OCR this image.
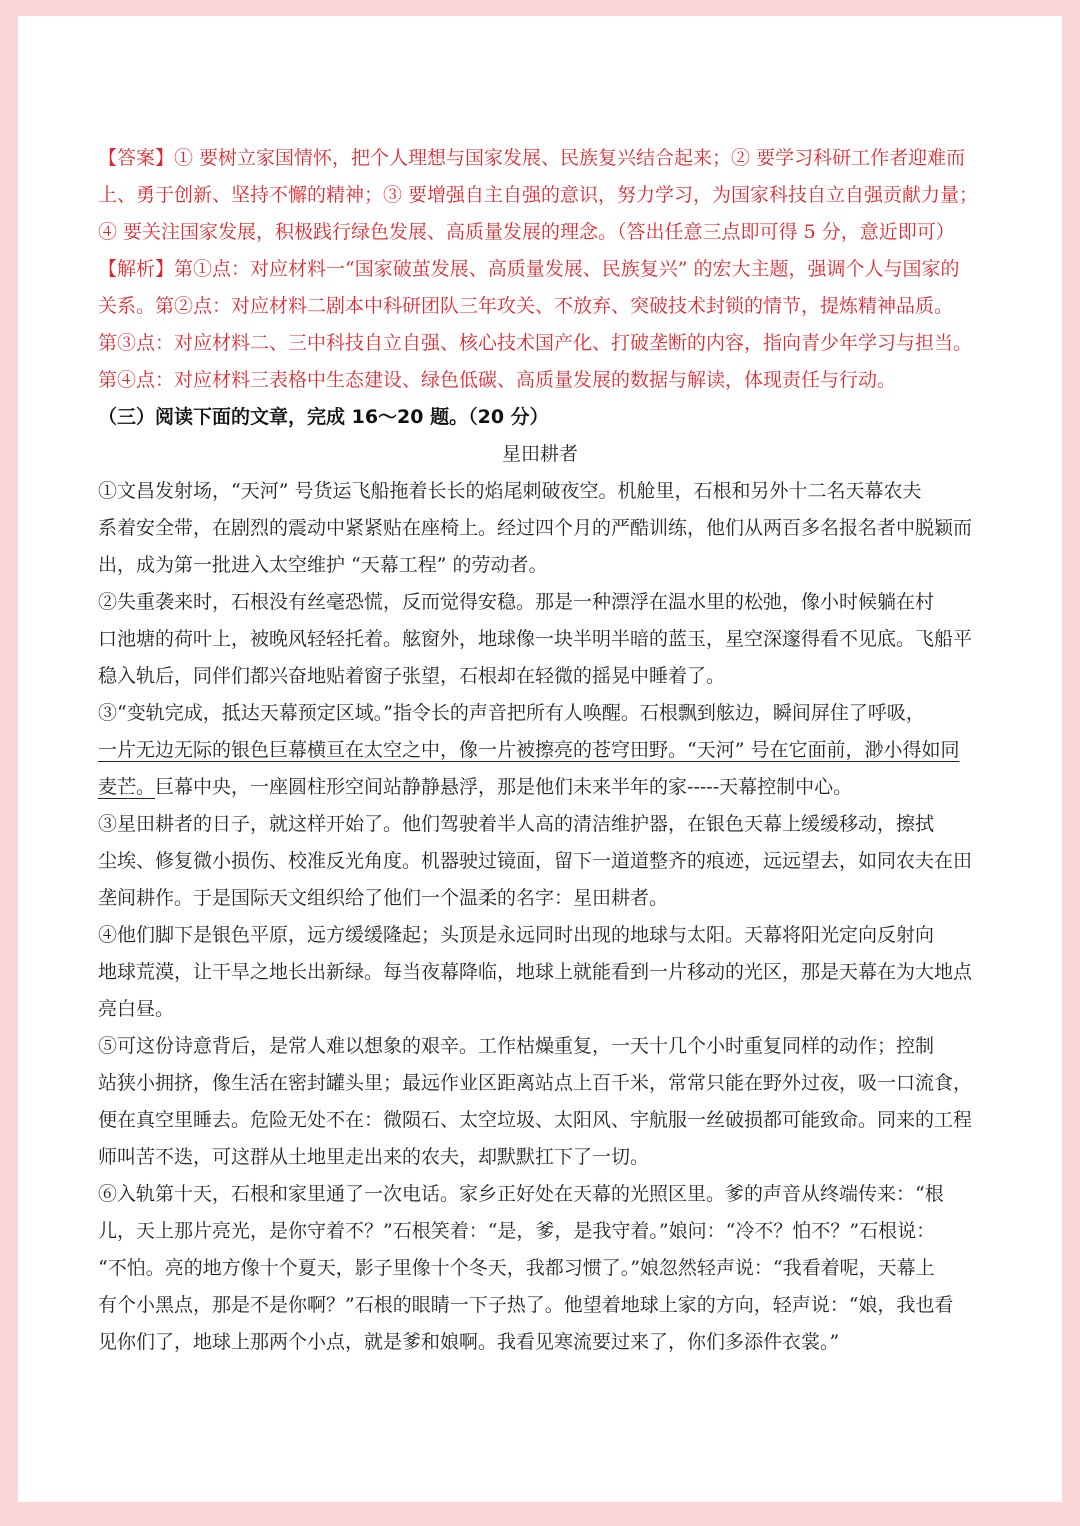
【答案】① 要树立家国情怀，把个人理想与国家发展、民族复兴结合起来；② 要学习科研工作者迎难而
上、勇于创新、坚持不懈的精神；③ 要增强自主自强的意识，努力学习，为国家科技自立自强贡献力量；
④ 要关注国家发展，积极践行绿色发展、高质量发展的理念。（答出任意三点即可得 5 分，意近即可）
【解析】第①点：对应材料一“国家破茧发展、高质量发展、民族复兴” 的宏大主题，强调个人与国家的
关系。第②点：对应材料二剧本中科研团队三年攻关、不放弃、突破技术封锁的情节，提炼精神品质。
第③点：对应材料二、三中科技自立自强、核心技术国产化、打破垄断的内容，指向青少年学习与担当。
第④点：对应材料三表格中生态建设、绿色低碳、高质量发展的数据与解读，体现责任与行动。
（三）阅读下面的文章，完成 16～20 题。（20 分）
星田耕者
①文昌发射场，“天河” 号货运飞船拖着长长的焰尾刺破夜空。机舱里，石根和另外十二名天幕农夫
系着安全带，在剧烈的震动中紧紧贴在座椅上。经过四个月的严酷训练，他们从两百多名报名者中脱颖而
出，成为第一批进入太空维护 “天幕工程” 的劳动者。
②失重袭来时，石根没有丝毫恐慌，反而觉得安稳。那是一种漂浮在温水里的松弛，像小时候躺在村
口池塘的荷叶上，被晚风轻轻托着。舷窗外，地球像一块半明半暗的蓝玉，星空深邃得看不见底。飞船平
稳入轨后，同伴们都兴奋地贴着窗子张望，石根却在轻微的摇晃中睡着了。
③“变轨完成，抵达天幕预定区域。”指令长的声音把所有人唤醒。石根飘到舷边，瞬间屏住了呼吸，
一片无边无际的银色巨幕横亘在太空之中，像一片被擦亮的苍穹田野。“天河” 号在它面前，渺小得如同
麦芒。 巨幕中央，一座圆柱形空间站静静悬浮，那是他们未来半年的家-----天幕控制中心。
③星田耕者的日子，就这样开始了。他们驾驶着半人高的清洁维护器，在银色天幕上缓缓移动，擦拭
尘埃、修复微小损伤、校准反光角度。机器驶过镜面，留下一道道整齐的痕迹，远远望去，如同农夫在田
垄间耕作。于是国际天文组织给了他们一个温柔的名字：星田耕者。
④他们脚下是银色平原，远方缓缓隆起；头顶是永远同时出现的地球与太阳。天幕将阳光定向反射向
地球荒漠，让干旱之地长出新绿。每当夜幕降临，地球上就能看到一片移动的光区，那是天幕在为大地点
亮白昼。
⑤可这份诗意背后，是常人难以想象的艰辛。工作枯燥重复，一天十几个小时重复同样的动作；控制
站狭小拥挤，像生活在密封罐头里；最远作业区距离站点上百千米，常常只能在野外过夜，吸一口流食，
便在真空里睡去。危险无处不在：微陨石、太空垃圾、太阳风、宇航服一丝破损都可能致命。同来的工程
师叫苦不迭，可这群从土地里走出来的农夫，却默默扛下了一切。
⑥入轨第十天，石根和家里通了一次电话。家乡正好处在天幕的光照区里。爹的声音从终端传来：“根
儿，天上那片亮光，是你守着不？”石根笑着：“是，爹，是我守着。”娘问：“冷不？怕不？”石根说：
“不怕。亮的地方像十个夏天，影子里像十个冬天，我都习惯了。”娘忽然轻声说：“我看着呢，天幕上
有个小黑点，那是不是你啊？”石根的眼睛一下子热了。他望着地球上家的方向，轻声说：“娘，我也看
见你们了，地球上那两个小点，就是爹和娘啊。我看见寒流要过来了，你们多添件衣裳。”
